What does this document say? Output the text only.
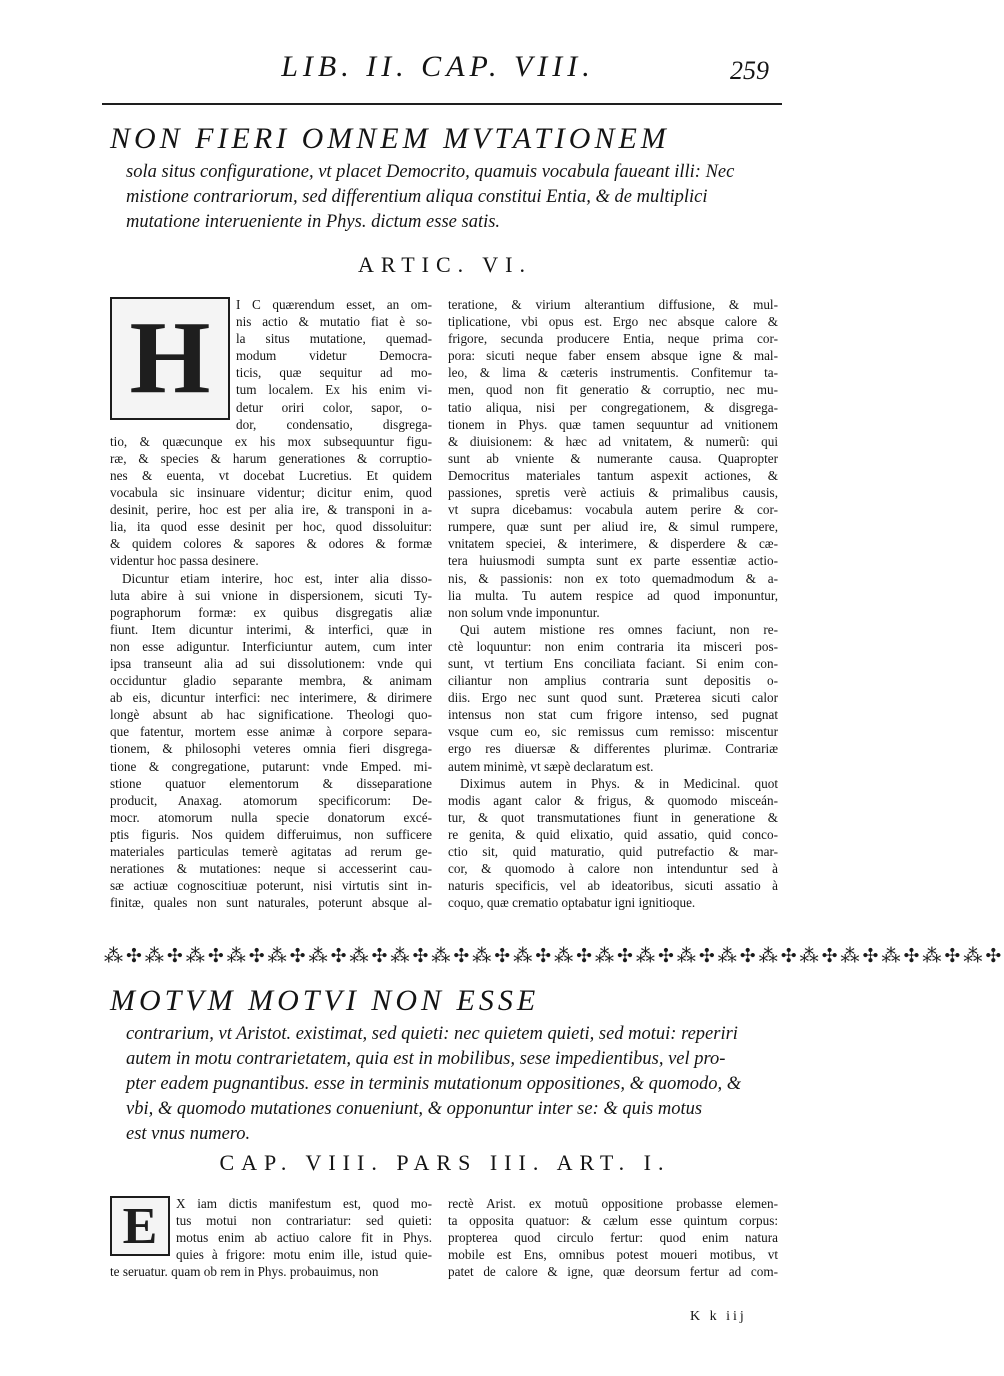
LIB. II. CAP. VIII.	259
NON FIERI OMNEM MVTATIONEM
sola situs configuratione, vt placet Democrito, quamuis vocabula faueant illi: Nec
mistione contrariorum, sed differentium aliqua constitui Entia, & de multiplici
mutatione interueniente in Phys. dictum esse satis.
ARTIC. VI.
H	I C quærendum esset, an om-
nis actio & mutatio fiat è so-
la situs mutatione, quemad-
modum videtur Democra-
ticis, quæ sequitur ad mo-
tum localem. Ex his enim vi-
detur oriri color, sapor, o-
dor, condensatio, disgrega-
tio, & quæcunque ex his mox subsequuntur figu-
ræ, & species & harum generationes & corruptio-
nes & euenta, vt docebat Lucretius. Et quidem
vocabula sic insinuare videntur; dicitur enim, quod
desinit, perire, hoc est per alia ire, & transponi in a-
lia, ita quod esse desinit per hoc, quod dissoluitur:
& quidem colores & sapores & odores & formæ
videntur hoc passa desinere.
Dicuntur etiam interire, hoc est, inter alia disso-
luta abire à sui vnione in dispersionem, sicuti Ty-
pographorum formæ: ex quibus disgregatis aliæ
fiunt. Item dicuntur interimi, & interfici, quæ in
non esse adiguntur. Interficiuntur autem, cum inter
ipsa transeunt alia ad sui dissolutionem: vnde qui
occiduntur gladio separante membra, & animam
ab eis, dicuntur interfici: nec interimere, & dirimere
longè absunt ab hac significatione. Theologi quo-
que fatentur, mortem esse animæ à corpore separa-
tionem, & philosophi veteres omnia fieri disgrega-
tione & congregatione, putarunt: vnde Emped. mi-
stione quatuor elementorum & disseparatione
producit, Anaxag. atomorum specificorum: De-
mocr. atomorum nulla specie donatorum excé-
ptis figuris. Nos quidem differuimus, non sufficere
materiales particulas temerè agitatas ad rerum ge-
nerationes & mutationes: neque si accesserint cau-
sæ actiuæ cognoscitiuæ poterunt, nisi virtutis sint in-
finitæ, quales non sunt naturales, poterunt absque al-
teratione, & virium alterantium diffusione, & mul-
tiplicatione, vbi opus est. Ergo nec absque calore &
frigore, secunda producere Entia, neque prima cor-
pora: sicuti neque faber ensem absque igne & mal-
leo, & lima & cæteris instrumentis. Confitemur ta-
men, quod non fit generatio & corruptio, nec mu-
tatio aliqua, nisi per congregationem, & disgrega-
tionem in Phys. quæ tamen sequuntur ad vnitionem
& diuisionem: & hæc ad vnitatem, & numerũ: qui
sunt ab vniente & numerante causa. Quapropter
Democritus materiales tantum aspexit actiones, &
passiones, spretis verè actiuis & primalibus causis,
vt supra dicebamus: vocabula autem perire & cor-
rumpere, quæ sunt per aliud ire, & simul rumpere,
vnitatem speciei, & interimere, & disperdere & cæ-
tera huiusmodi sumpta sunt ex parte essentiæ actio-
nis, & passionis: non ex toto quemadmodum & a-
lia multa. Tu autem respice ad quod imponuntur,
non solum vnde imponuntur.
Qui autem mistione res omnes faciunt, non re-
ctè loquuntur: non enim contraria ita misceri pos-
sunt, vt tertium Ens conciliata faciant. Si enim con-
ciliantur non amplius contraria sunt depositis o-
diis. Ergo nec sunt quod sunt. Præterea sicuti calor
intensus non stat cum frigore intenso, sed pugnat
vsque cum eo, sic remissus cum remisso: miscentur
ergo res diuersæ & differentes plurimæ. Contrariæ
autem minimè, vt sæpè declaratum est.
Diximus autem in Phys. & in Medicinal. quot
modis agant calor & frigus, & quomodo misceán-
tur, & quot transmutationes fiunt in generatione &
re genita, & quid elixatio, quid assatio, quid conco-
ctio sit, quid maturatio, quid putrefactio & mar-
cor, & quomodo à calore non intenduntur sed à
naturis specificis, vel ab ideatoribus, sicuti assatio à
coquo, quæ crematio optabatur igni ignitioque.
⁂✣⁂✣⁂✣⁂✣⁂✣⁂✣⁂✣⁂✣⁂✣⁂✣⁂✣⁂✣⁂✣⁂✣⁂✣⁂✣⁂✣⁂✣⁂✣⁂✣⁂✣⁂✣
MOTVM MOTVI NON ESSE
contrarium, vt Aristot. existimat, sed quieti: nec quietem quieti, sed motui: reperiri
autem in motu contrarietatem, quia est in mobilibus, sese impedientibus, vel pro-
pter eadem pugnantibus. esse in terminis mutationum oppositiones, & quomodo, &
vbi, & quomodo mutationes conueniunt, & opponuntur inter se: & quis motus
est vnus numero.
CAP. VIII. PARS III. ART. I.
E	X iam dictis manifestum est, quod mo-
tus motui non contrariatur: sed quieti:
motus enim ab actiuo calore fit in Phys.
quies à frigore: motu enim ille, istud quie-
te seruatur. quam ob rem in Phys. probauimus, non
rectè Arist. ex motuũ oppositione probasse elemen-
ta opposita quatuor: & cælum esse quintum corpus:
propterea quod circulo fertur: quod enim natura
mobile est Ens, omnibus potest moueri motibus, vt
patet de calore & igne, quæ deorsum fertur ad com-
K k iij
